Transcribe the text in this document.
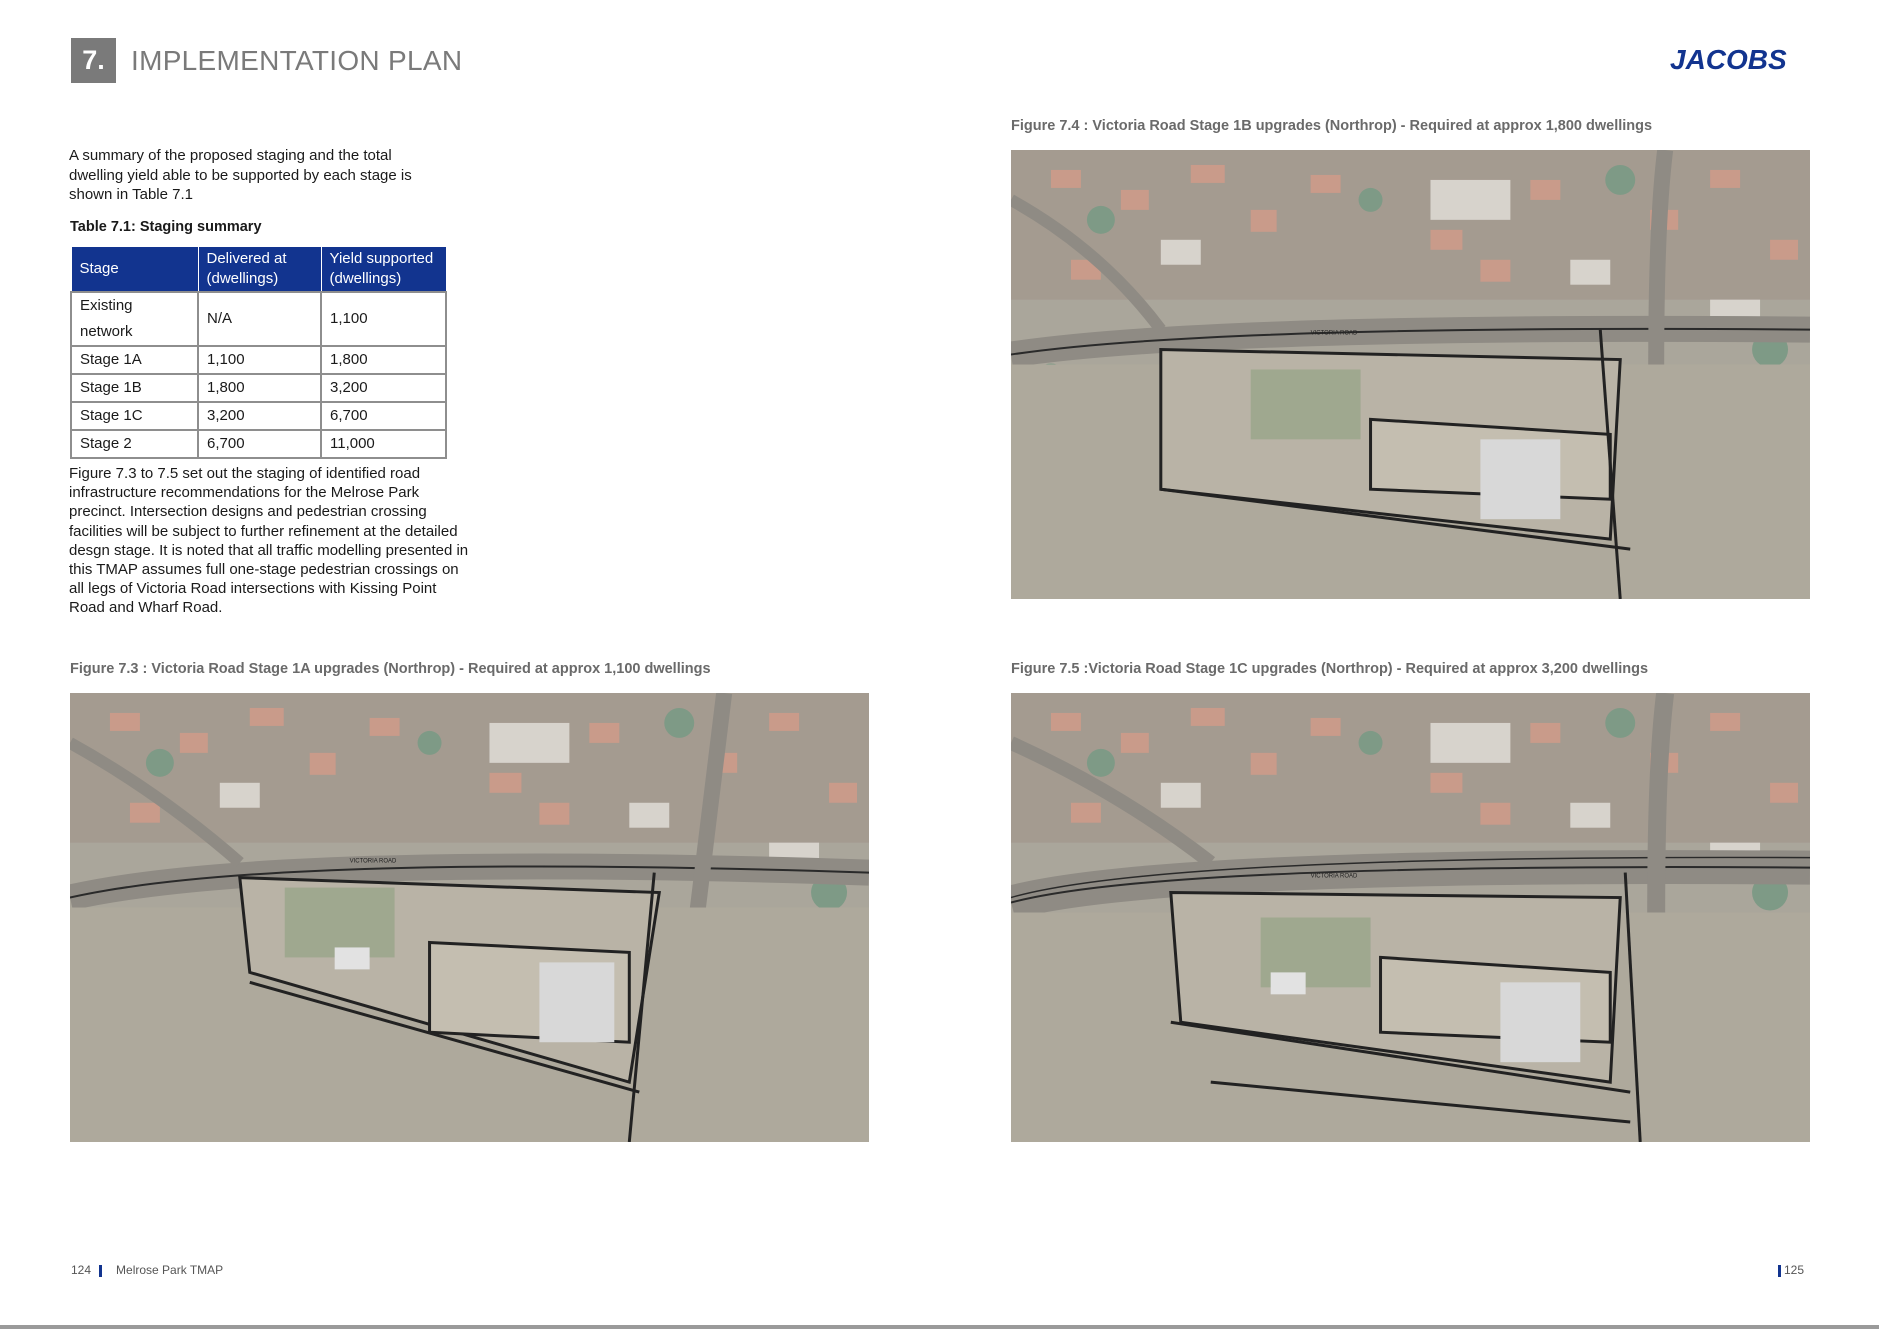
7. IMPLEMENTATION PLAN	JACOBS
A summary of the proposed staging and the total dwelling yield able to be supported by each stage is shown in Table 7.1
Table 7.1: Staging summary
Stage	Delivered at (dwellings)	Yield supported (dwellings)
Existing network	N/A	1,100
Stage 1A	1,100	1,800
Stage 1B	1,800	3,200
Stage 1C	3,200	6,700
Stage 2	6,700	11,000
Figure 7.3 to 7.5 set out the staging of identified road infrastructure recommendations for the Melrose Park precinct. Intersection designs and pedestrian crossing facilities will be subject to further refinement at the detailed desgn stage. It is noted that all traffic modelling presented in this TMAP assumes full one-stage pedestrian crossings on all legs of Victoria Road intersections with Kissing Point Road and Wharf Road.
Figure 7.4 : Victoria Road Stage 1B upgrades (Northrop) - Required at approx 1,800 dwellings
VICTORIA ROAD
Figure 7.3 : Victoria Road Stage 1A upgrades (Northrop) - Required at approx 1,100 dwellings
VICTORIA ROAD
Figure 7.5 :Victoria Road Stage 1C upgrades (Northrop) - Required at approx 3,200 dwellings
VICTORIA ROAD
124 Melrose Park TMAP	125
